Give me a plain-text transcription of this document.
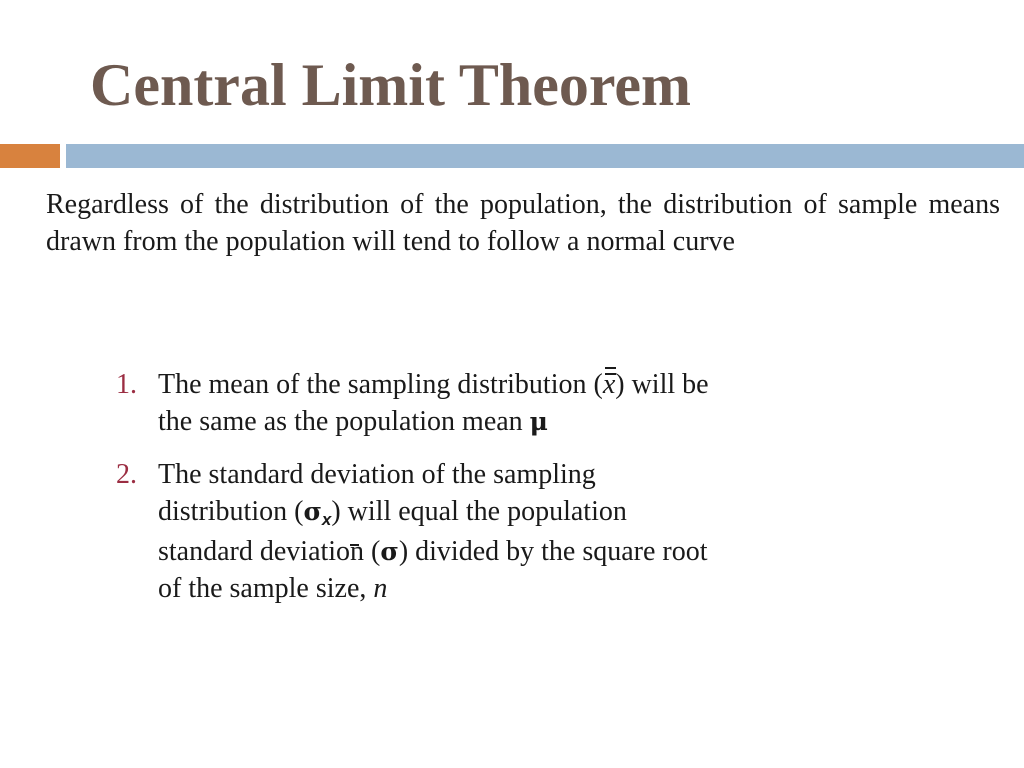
Central Limit Theorem

Regardless of the distribution of the population, the distribution of sample means drawn from the population will tend to follow a normal curve

1. The mean of the sampling distribution (x) will be the same as the population mean μ
2. The standard deviation of the sampling distribution (σx) will equal the population standard deviation (σ) divided by the square root of the sample size, n
